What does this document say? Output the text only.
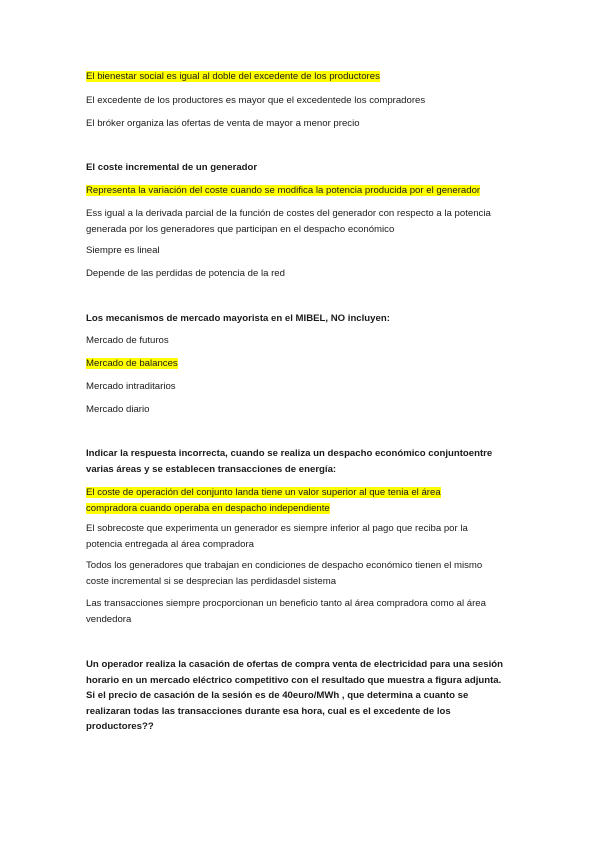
El bienestar social es igual al doble del excedente de los productores
El excedente de los productores es mayor que el excedentede los compradores
El bróker organiza las ofertas de venta de mayor a menor precio
El coste incremental de un generador
Representa la variación del coste cuando se modifica la potencia producida por el generador
Ess igual a la derivada parcial de la función de costes del generador con respecto a la potencia
generada por los generadores que participan en el despacho económico
Siempre es lineal
Depende de las perdidas de potencia de la red
Los mecanismos de mercado mayorista en el MIBEL, NO incluyen:
Mercado de futuros
Mercado de balances
Mercado intraditarios
Mercado diario
Indicar la respuesta incorrecta, cuando se realiza un despacho económico conjuntoentre
varias áreas y se establecen transacciones de energía:
El coste de operación del conjunto landa tiene un valor superior al que tenia el área
compradora cuando operaba en despacho independiente
El sobrecoste que experimenta un generador es siempre inferior al pago que reciba por la
potencia entregada al área compradora
Todos los generadores que trabajan en condiciones de despacho económico tienen el mismo
coste incremental si se desprecian las perdidasdel sistema
Las transacciones siempre procporcionan un beneficio tanto al área compradora como al área
vendedora
Un operador realiza la casación de ofertas de compra venta de electricidad para una sesión
horario en un mercado eléctrico competitivo con el resultado que muestra a figura adjunta.
Si el precio de casación de la sesión es de 40euro/MWh , que determina a cuanto se
realizaran todas las transacciones durante esa hora, cual es el excedente de los
productores??
